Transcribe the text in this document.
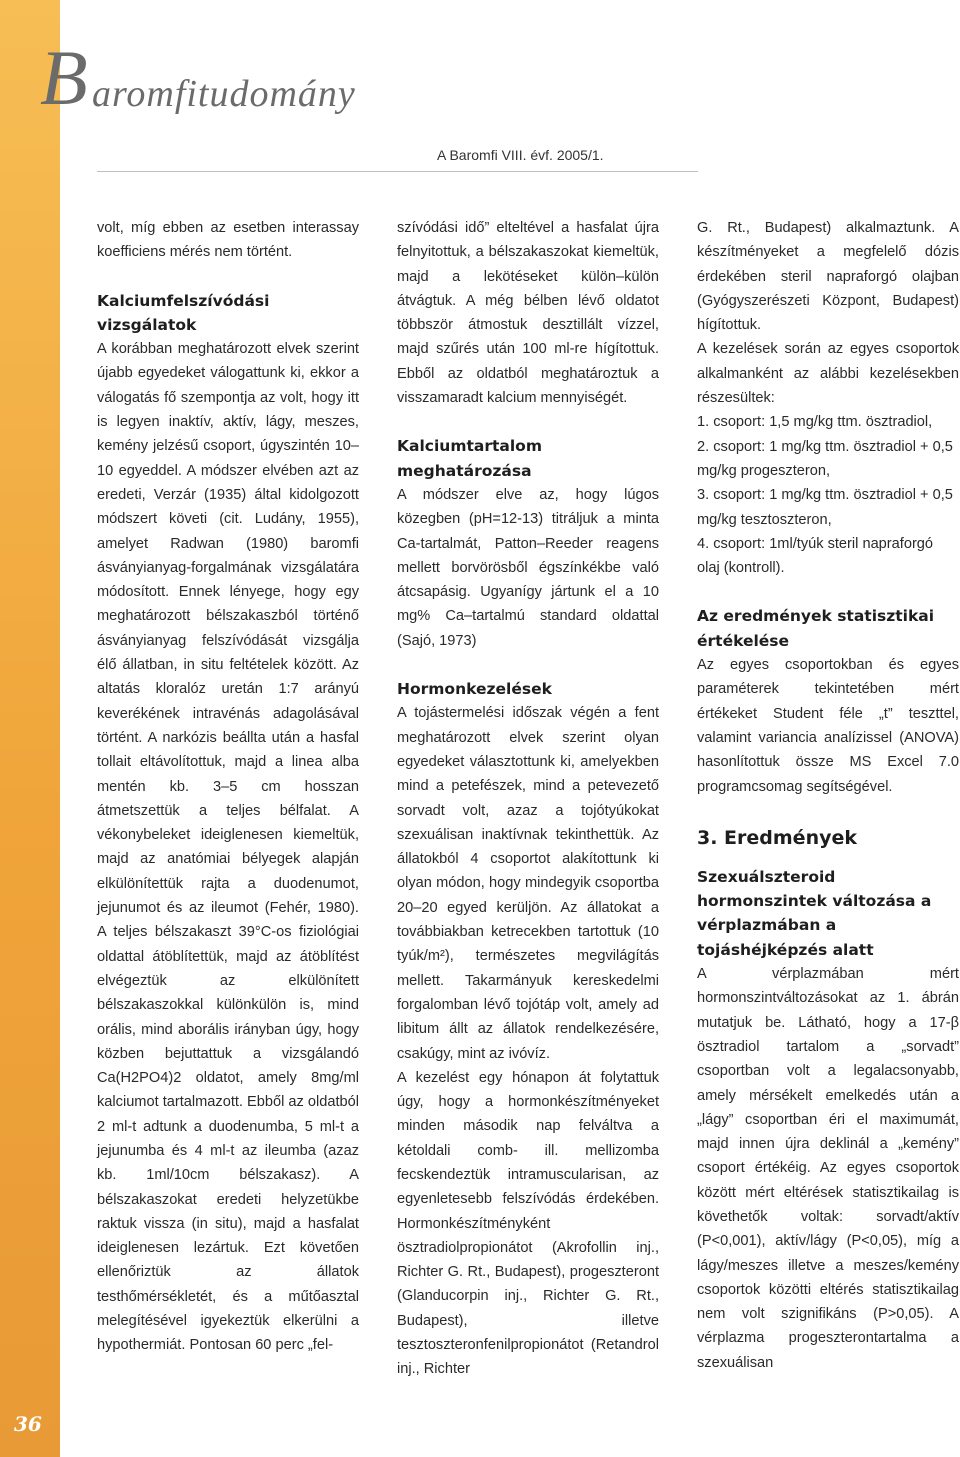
36
B aromfitudomány
A Baromfi VIII. évf. 2005/1.

volt, míg ebben az esetben interassay koefficiens mérés nem történt.

Kalciumfelszívódási vizsgálatok

A korábban meghatározott elvek szerint újabb egyedeket válogattunk ki, ekkor a válogatás fő szempontja az volt, hogy itt is legyen inaktív, aktív, lágy, meszes, kemény jelzésű csoport, úgyszintén 10–10 egyeddel. A módszer elvében azt az eredeti, Verzár (1935) által kidolgozott módszert követi (cit. Ludány, 1955), amelyet Radwan (1980) baromfi ásványianyag-forgalmának vizsgálatára módosított. Ennek lényege, hogy egy meghatározott bélszakaszból történő ásványianyag felszívódását vizsgálja élő állatban, in situ feltételek között. Az altatás kloralóz uretán 1:7 arányú keverékének intravénás adagolásával történt. A narkózis beállta után a hasfal tollait eltávolítottuk, majd a linea alba mentén kb. 3–5 cm hosszan átmetszettük a teljes bélfalat. A vékonybeleket ideiglenesen kiemeltük, majd az anatómiai bélyegek alapján elkülönítettük rajta a duodenumot, jejunumot és az ileumot (Fehér, 1980). A teljes bélszakaszt 39°C-os fiziológiai oldattal átöblítettük, majd az átöblítést elvégeztük az elkülönített bélszakaszokkal különkülön is, mind orális, mind aborális irányban úgy, hogy közben bejuttattuk a vizsgálandó Ca(H2PO4)2 oldatot, amely 8mg/ml kalciumot tartalmazott. Ebből az oldatból 2 ml-t adtunk a duodenumba, 5 ml-t a jejunumba és 4 ml-t az ileumba (azaz kb. 1ml/10cm bélszakasz). A bélszakaszokat eredeti helyzetükbe raktuk vissza (in situ), majd a hasfalat ideiglenesen lezártuk. Ezt követően ellenőriztük az állatok testhőmérsékletét, és a műtőasztal melegítésével igyekeztük elkerülni a hypothermiát. Pontosan 60 perc „fel-

szívódási idő” elteltével a hasfalat újra felnyitottuk, a bélszakaszokat kiemeltük, majd a lekötéseket külön–külön átvágtuk. A még bélben lévő oldatot többször átmostuk desztillált vízzel, majd szűrés után 100 ml-re hígítottuk. Ebből az oldatból meghatároztuk a visszamaradt kalcium mennyiségét.

Kalciumtartalom meghatározása

A módszer elve az, hogy lúgos közegben (pH=12-13) titráljuk a minta Ca-tartalmát, Patton–Reeder reagens mellett borvörösből égszínkékbe való átcsapásig. Ugyanígy jártunk el a 10 mg% Ca–tartalmú standard oldattal (Sajó, 1973)

Hormonkezelések

A tojástermelési időszak végén a fent meghatározott elvek szerint olyan egyedeket választottunk ki, amelyekben mind a petefészek, mind a petevezető sorvadt volt, azaz a tojótyúkokat szexuálisan inaktívnak tekinthettük. Az állatokból 4 csoportot alakítottunk ki olyan módon, hogy mindegyik csoportba 20–20 egyed kerüljön. Az állatokat a továbbiakban ketrecekben tartottuk (10 tyúk/m²), természetes megvilágítás mellett. Takarmányuk kereskedelmi forgalomban lévő tojótáp volt, amely ad libitum állt az állatok rendelkezésére, csakúgy, mint az ivóvíz.

A kezelést egy hónapon át folytattuk úgy, hogy a hormonkészítményeket minden második nap felváltva a kétoldali comb- ill. mellizomba fecskendeztük intramuscularisan, az egyenletesebb felszívódás érdekében. Hormonkészítményként ösztradiolpropionátot (Akrofollin inj., Richter G. Rt., Budapest), progeszteront (Glanducorpin inj., Richter G. Rt., Budapest), illetve tesztoszteronfenilpropionátot (Retandrol inj., Richter

G. Rt., Budapest) alkalmaztunk. A készítményeket a megfelelő dózis érdekében steril napraforgó olajban (Gyógyszerészeti Központ, Budapest) hígítottuk.

A kezelések során az egyes csoportok alkalmanként az alábbi kezelésekben részesültek:

1. csoport: 1,5 mg/kg ttm. ösztradiol,

2. csoport: 1 mg/kg ttm. ösztradiol + 0,5 mg/kg progeszteron,

3. csoport: 1 mg/kg ttm. ösztradiol + 0,5 mg/kg tesztoszteron,

4. csoport: 1ml/tyúk steril napraforgó olaj (kontroll).

Az eredmények statisztikai értékelése

Az egyes csoportokban és egyes paraméterek tekintetében mért értékeket Student féle „t” teszttel, valamint variancia analízissel (ANOVA) hasonlítottuk össze MS Excel 7.0 programcsomag segítségével.

3. Eredmények
Szexuálszteroid hormonszintek változása a vérplazmában a tojáshéjképzés alatt

A vérplazmában mért hormonszintváltozásokat az 1. ábrán mutatjuk be. Látható, hogy a 17-β ösztradiol tartalom a „sorvadt” csoportban volt a legalacsonyabb, amely mérsékelt emelkedés után a „lágy” csoportban éri el maximumát, majd innen újra deklinál a „kemény” csoport értékéig. Az egyes csoportok között mért eltérések statisztikailag is követhetők voltak: sorvadt/aktív (P<0,001), aktív/lágy (P<0,05), míg a lágy/meszes illetve a meszes/kemény csoportok közötti eltérés statisztikailag nem volt szignifikáns (P>0,05). A vérplazma progeszterontartalma a szexuálisan
